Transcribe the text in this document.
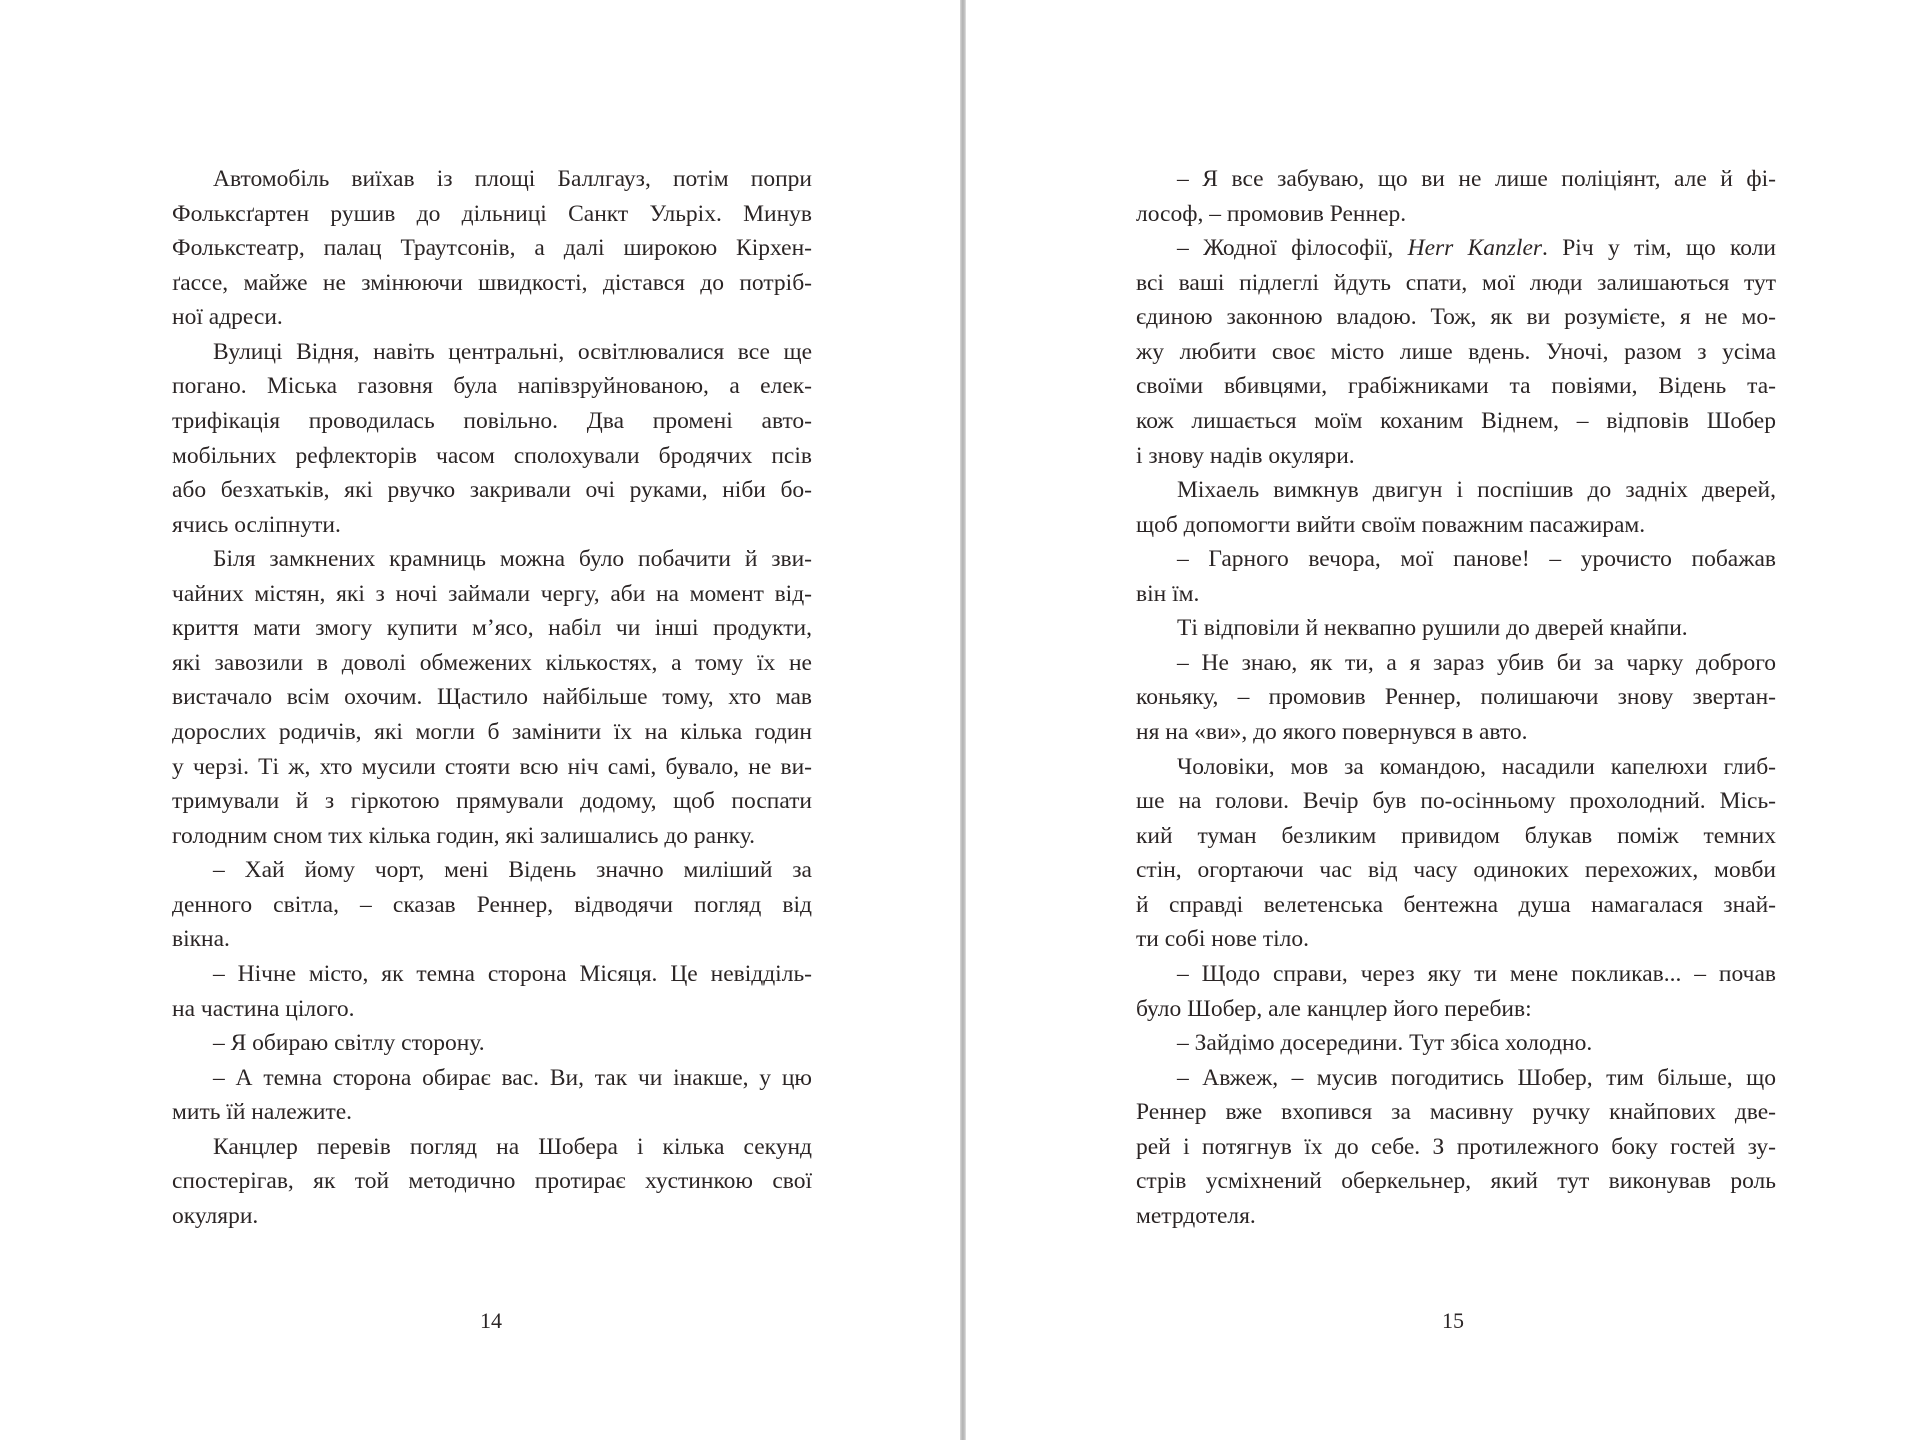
Автомобіль виїхав із площі Баллгауз, потім попри
Фольксґартен рушив до дільниці Санкт Ульріх. Минув
Фолькстеатр, палац Траутсонів, а далі широкою Кірхен-
ґассе, майже не змінюючи швидкості, дістався до потріб-
ної адреси.
Вулиці Відня, навіть центральні, освітлювалися все ще
погано. Міська газовня була напівзруйнованою, а елек-
трифікація проводилась повільно. Два промені авто-
мобільних рефлекторів часом сполохували бродячих псів
або безхатьків, які рвучко закривали очі руками, ніби бо-
ячись осліпнути.
Біля замкнених крамниць можна було побачити й зви-
чайних містян, які з ночі займали чергу, аби на момент від-
криття мати змогу купити м’ясо, набіл чи інші продукти,
які завозили в доволі обмежених кількостях, а тому їх не
вистачало всім охочим. Щастило найбільше тому, хто мав
дорослих родичів, які могли б замінити їх на кілька годин
у черзі. Ті ж, хто мусили стояти всю ніч самі, бувало, не ви-
тримували й з гіркотою прямували додому, щоб поспати
голодним сном тих кілька годин, які залишались до ранку.
– Хай йому чорт, мені Відень значно миліший за
денного світла, – сказав Реннер, відводячи погляд від
вікна.
– Нічне місто, як темна сторона Місяця. Це невідділь-
на частина цілого.
– Я обираю світлу сторону.
– А темна сторона обирає вас. Ви, так чи інакше, у цю
мить їй належите.
Канцлер перевів погляд на Шобера і кілька секунд
спостерігав, як той методично протирає хустинкою свої
окуляри.
14
– Я все забуваю, що ви не лише поліціянт, але й фі-
лософ, – промовив Реннер.
– Жодної філософії, Herr Kanzler. Річ у тім, що коли
всі ваші підлеглі йдуть спати, мої люди залишаються тут
єдиною законною владою. Тож, як ви розумієте, я не мо-
жу любити своє місто лише вдень. Уночі, разом з усіма
своїми вбивцями, грабіжниками та повіями, Відень та-
кож лишається моїм коханим Віднем, – відповів Шобер
і знову надів окуляри.
Міхаель вимкнув двигун і поспішив до задніх дверей,
щоб допомогти вийти своїм поважним пасажирам.
– Гарного вечора, мої панове! – урочисто побажав
він їм.
Ті відповіли й неквапно рушили до дверей кнайпи.
– Не знаю, як ти, а я зараз убив би за чарку доброго
коньяку, – промовив Реннер, полишаючи знову звертан-
ня на «ви», до якого повернувся в авто.
Чоловіки, мов за командою, насадили капелюхи глиб-
ше на голови. Вечір був по-осінньому прохолодний. Місь-
кий туман безликим привидом блукав поміж темних
стін, огортаючи час від часу одиноких перехожих, мовби
й справді велетенська бентежна душа намагалася знай-
ти собі нове тіло.
– Щодо справи, через яку ти мене покликав... – почав
було Шобер, але канцлер його перебив:
– Зайдімо досередини. Тут збіса холодно.
– Авжеж, – мусив погодитись Шобер, тим більше, що
Реннер вже вхопився за масивну ручку кнайпових две-
рей і потягнув їх до себе. З протилежного боку гостей зу-
стрів усміхнений оберкельнер, який тут виконував роль
метрдотеля.
15
